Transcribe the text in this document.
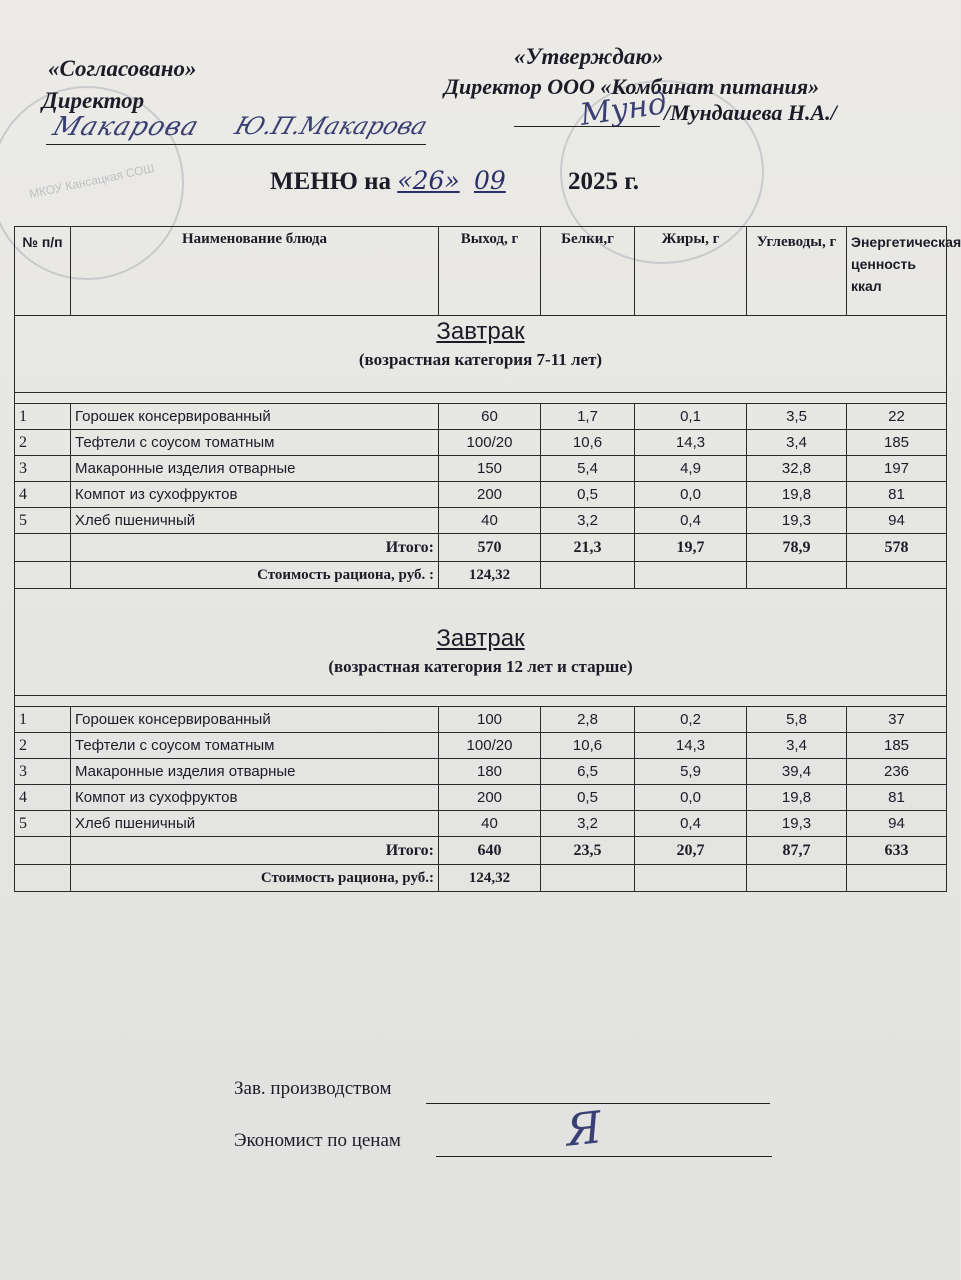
МКОУ Кансацкая СОШ
«Согласовано»
Директор
Макарова Ю.П.Макарова
«Утверждаю»
Директор ООО «Комбинат питания»
Мунд
/Мундашева Н.А./
МЕНЮ на «26» 09 2025 г.
№ п/п	Наименование блюда	Выход, г	Белки,г	Жиры, г	Углеводы, г	Энергетическая ценность ккал

Завтрак
(возрастная категория 7-11 лет)						

1	Горошек консервированный	60	1,7	0,1	3,5	22
2	Тефтели с соусом томатным	100/20	10,6	14,3	3,4	185
3	Макаронные изделия отварные	150	5,4	4,9	32,8	197
4	Компот из сухофруктов	200	0,5	0,0	19,8	81
5	Хлеб пшеничный	40	3,2	0,4	19,3	94
	Итого:	570	21,3	19,7	78,9	578
	Стоимость рациона, руб. :	124,32				

Завтрак
(возрастная категория 12 лет и старше)						

1	Горошек консервированный	100	2,8	0,2	5,8	37
2	Тефтели с соусом томатным	100/20	10,6	14,3	3,4	185
3	Макаронные изделия отварные	180	6,5	5,9	39,4	236
4	Компот из сухофруктов	200	0,5	0,0	19,8	81
5	Хлеб пшеничный	40	3,2	0,4	19,3	94
	Итого:	640	23,5	20,7	87,7	633
	Стоимость рациона, руб.:	124,32				
Зав. производством
Экономист по ценам	Я
